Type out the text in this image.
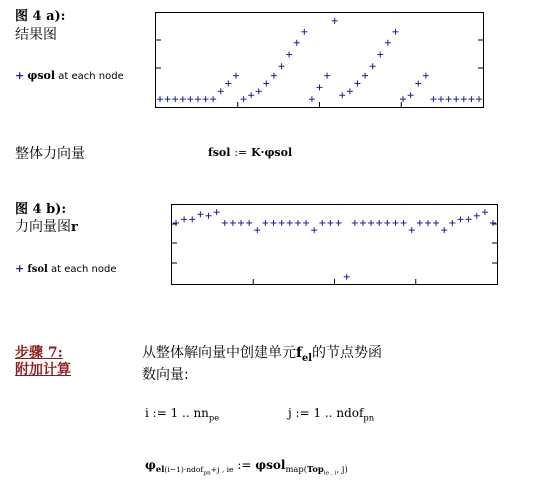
图 4 a):
结果图
+ φsol at each node
整体力向量	fsol := K·φsol
图 4 b):
力向量图r
+ fsol at each node
步骤 7:
附加计算
从整体解向量中创建单元$f_{el}$的节点势函
数向量:
i := 1 .. $nn_{pe}$	j := 1 .. ndof$_{pn}$
$\varphi_{el(i-1)\cdot ndof_{pn}+j , ie}$ := φsol$_{map(Top_{ie , i}, j)}$
